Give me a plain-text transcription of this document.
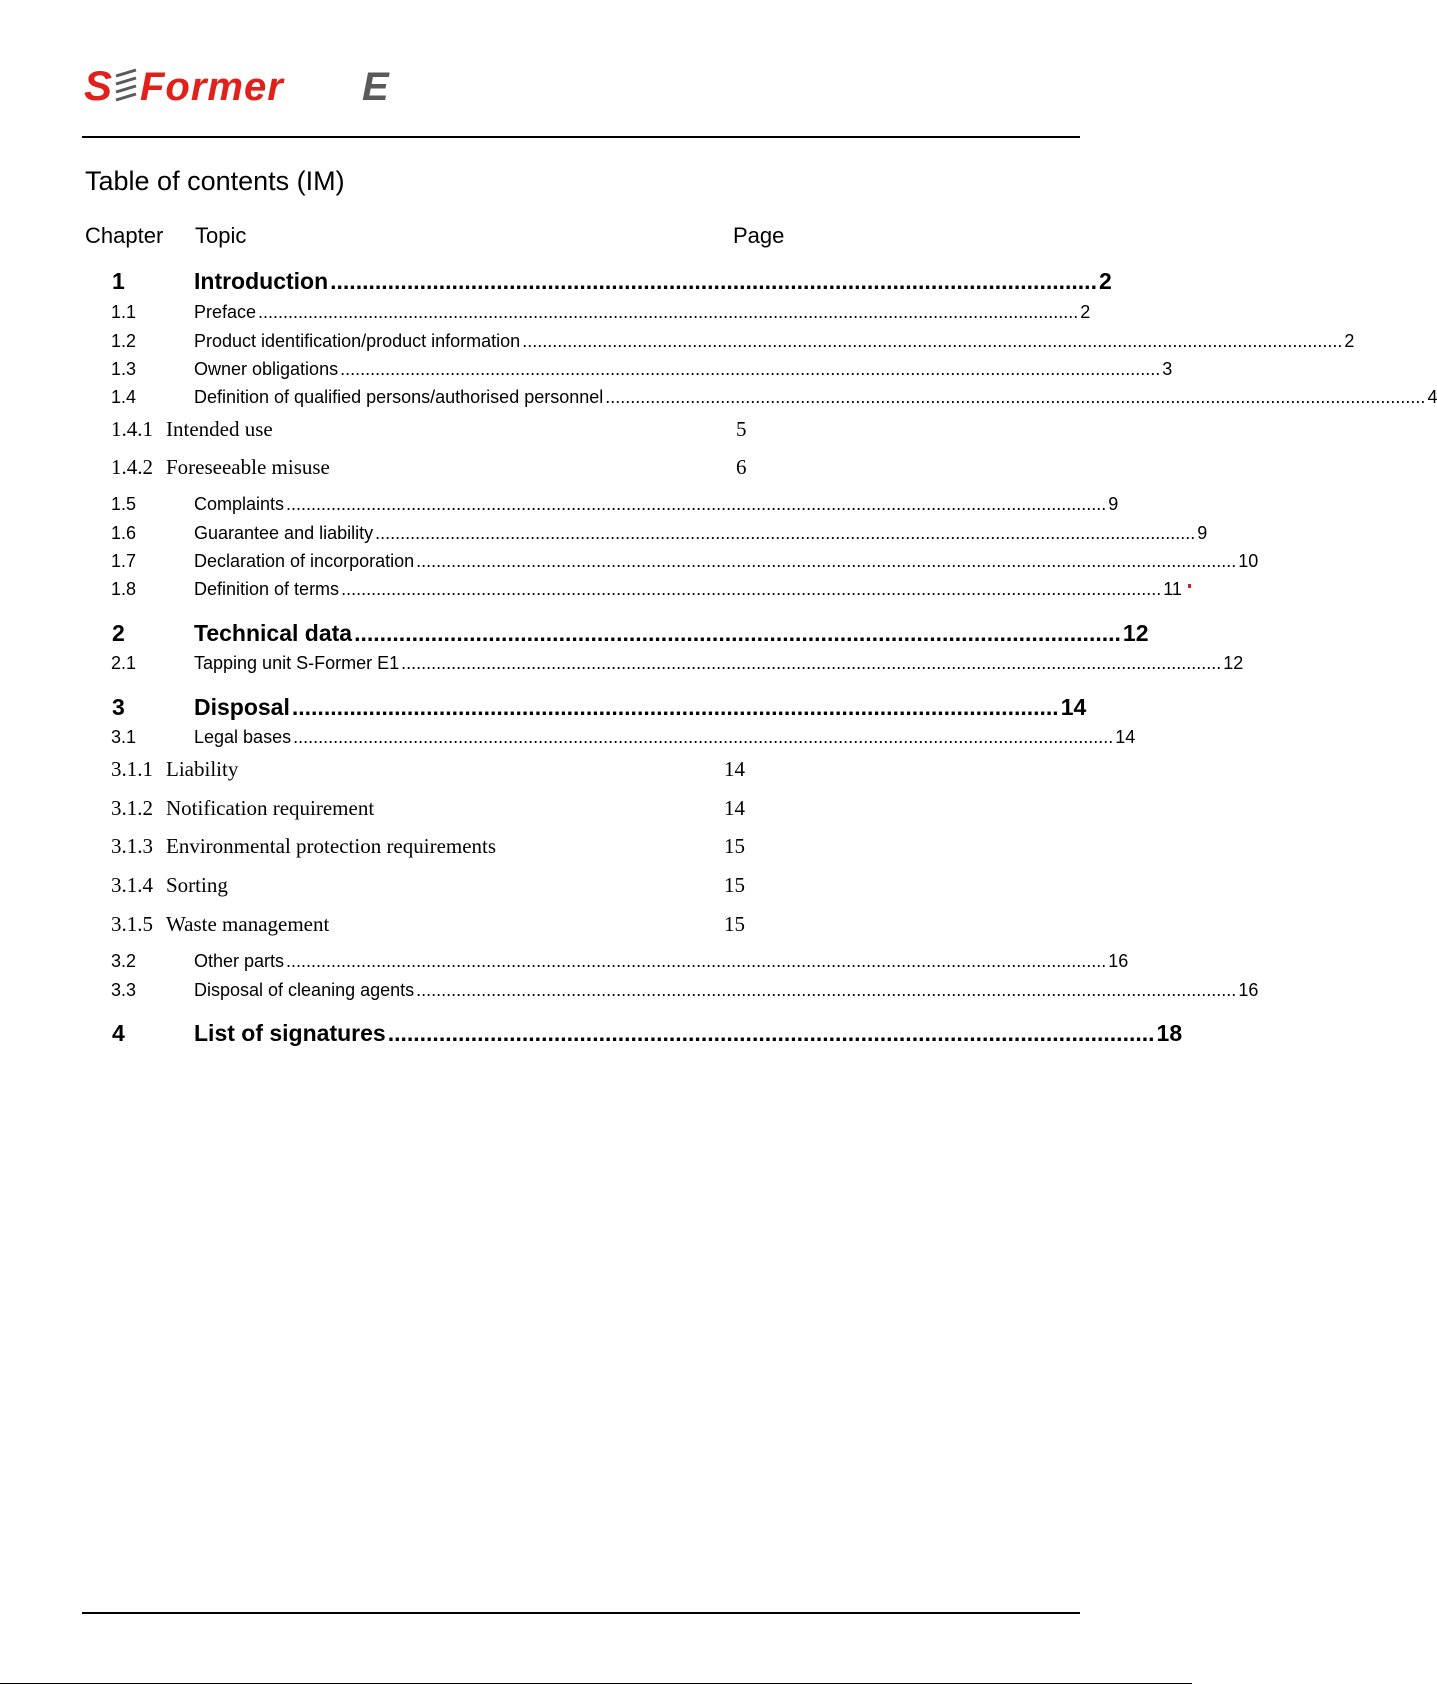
S Former E
Table of contents (IM)
Chapter Topic	Page
1	Introduction ........................................................................................................................ 2
1.1	Preface .................................................................................................................................................................... 2
1.2	Product identification/product information .................................................................................................................................................................... 2
1.3	Owner obligations .................................................................................................................................................................... 3
1.4	Definition of qualified persons/authorised personnel .................................................................................................................................................................... 4
1.4.1 Intended use	5
1.4.2 Foreseeable misuse	6
1.5	Complaints .................................................................................................................................................................... 9
1.6	Guarantee and liability .................................................................................................................................................................... 9
1.7	Declaration of incorporation .................................................................................................................................................................... 10
1.8	Definition of terms .................................................................................................................................................................... 11
2	Technical data ........................................................................................................................ 12
2.1	Tapping unit S-Former E1 .................................................................................................................................................................... 12
3	Disposal ........................................................................................................................ 14
3.1	Legal bases .................................................................................................................................................................... 14
3.1.1 Liability	14
3.1.2 Notification requirement	14
3.1.3 Environmental protection requirements	15
3.1.4 Sorting	15
3.1.5 Waste management	15
3.2	Other parts .................................................................................................................................................................... 16
3.3	Disposal of cleaning agents .................................................................................................................................................................... 16
4	List of signatures ........................................................................................................................ 18
